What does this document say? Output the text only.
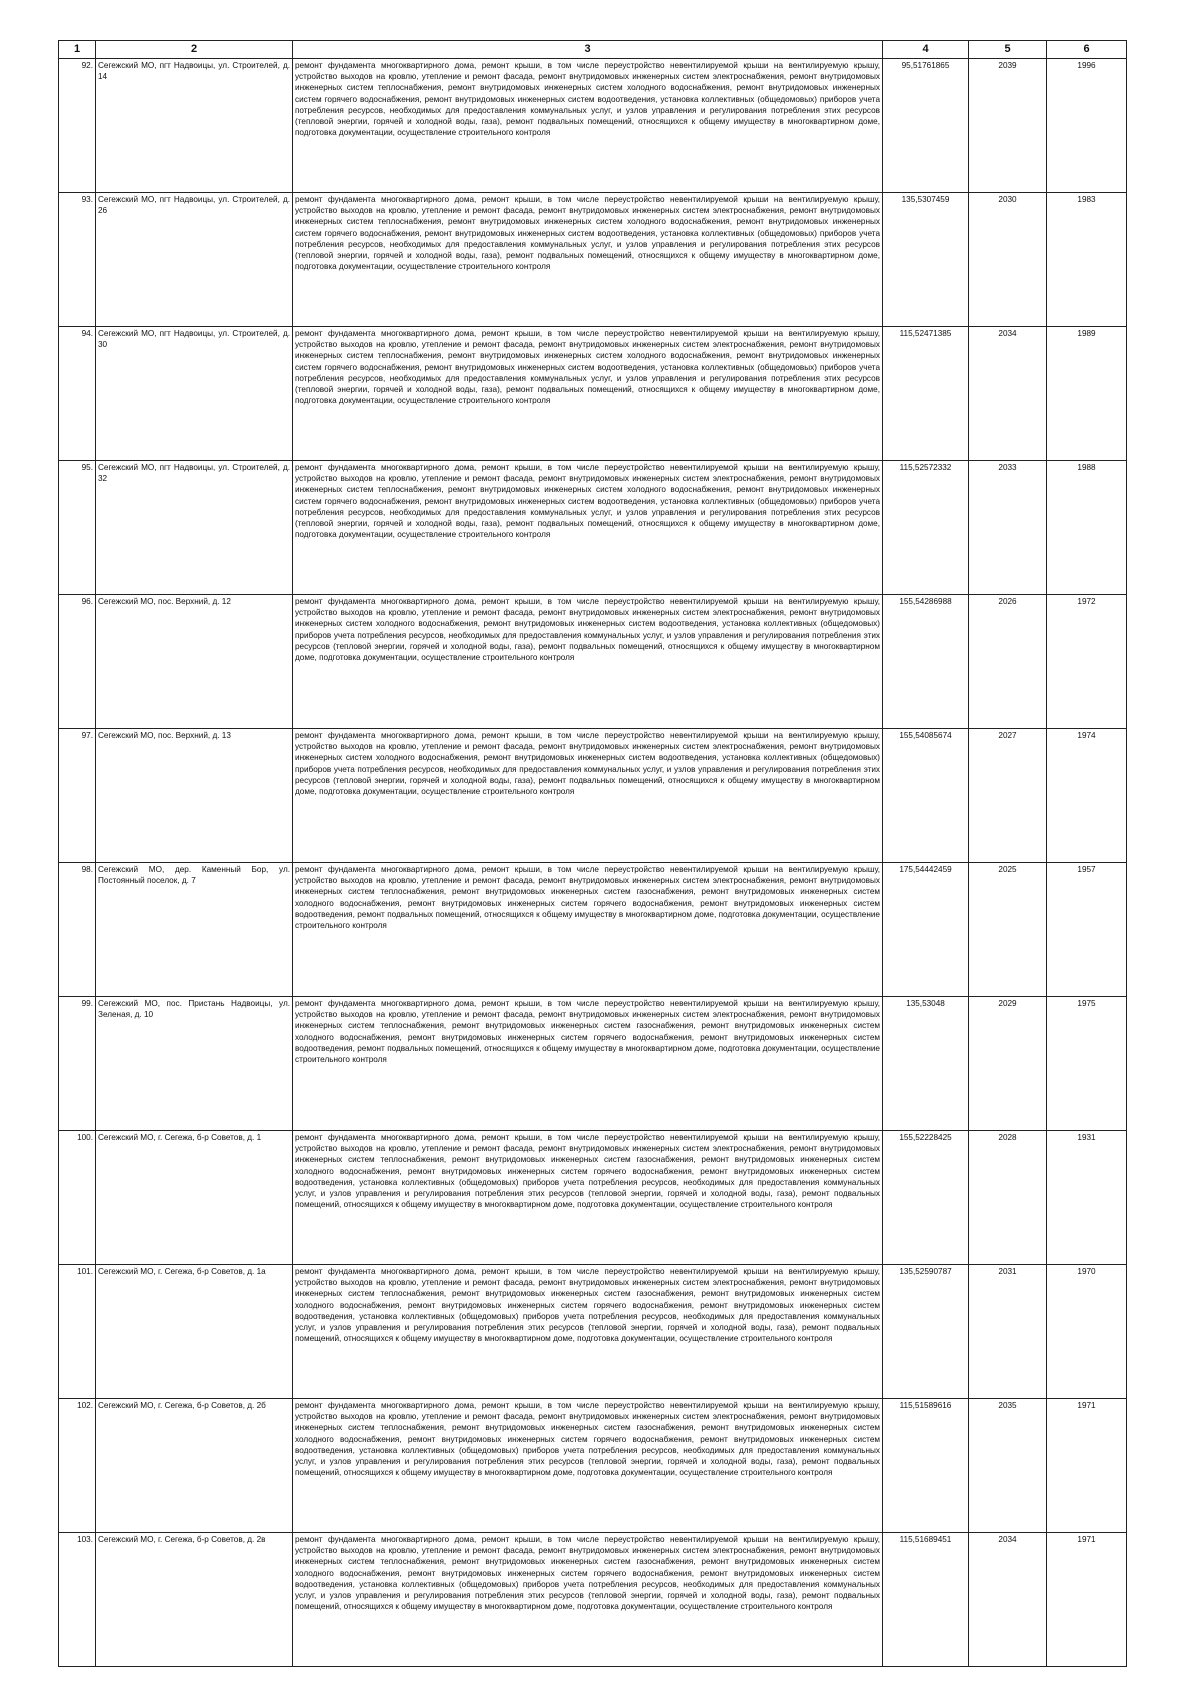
1	2	3	4	5	6
92.	Сегежский МО, пгт Надвоицы, ул. Строителей, д. 14	ремонт фундамента многоквартирного дома, ремонт крыши, в том числе переустройство невентилируемой крыши на вентилируемую крышу, устройство выходов на кровлю, утепление и ремонт фасада, ремонт внутридомовых инженерных систем электроснабжения, ремонт внутридомовых инженерных систем теплоснабжения, ремонт внутридомовых инженерных систем холодного водоснабжения, ремонт внутридомовых инженерных систем горячего водоснабжения, ремонт внутридомовых инженерных систем водоотведения, установка коллективных (общедомовых) приборов учета потребления ресурсов, необходимых для предоставления коммунальных услуг, и узлов управления и регулирования потребления этих ресурсов (тепловой энергии, горячей и холодной воды, газа), ремонт подвальных помещений, относящихся к общему имуществу в многоквартирном доме, подготовка документации, осуществление строительного контроля	95,51761865	2039	1996
93.	Сегежский МО, пгт Надвоицы, ул. Строителей, д. 26	ремонт фундамента многоквартирного дома, ремонт крыши, в том числе переустройство невентилируемой крыши на вентилируемую крышу, устройство выходов на кровлю, утепление и ремонт фасада, ремонт внутридомовых инженерных систем электроснабжения, ремонт внутридомовых инженерных систем теплоснабжения, ремонт внутридомовых инженерных систем холодного водоснабжения, ремонт внутридомовых инженерных систем горячего водоснабжения, ремонт внутридомовых инженерных систем водоотведения, установка коллективных (общедомовых) приборов учета потребления ресурсов, необходимых для предоставления коммунальных услуг, и узлов управления и регулирования потребления этих ресурсов (тепловой энергии, горячей и холодной воды, газа), ремонт подвальных помещений, относящихся к общему имуществу в многоквартирном доме, подготовка документации, осуществление строительного контроля	135,5307459	2030	1983
94.	Сегежский МО, пгт Надвоицы, ул. Строителей, д. 30	ремонт фундамента многоквартирного дома, ремонт крыши, в том числе переустройство невентилируемой крыши на вентилируемую крышу, устройство выходов на кровлю, утепление и ремонт фасада, ремонт внутридомовых инженерных систем электроснабжения, ремонт внутридомовых инженерных систем теплоснабжения, ремонт внутридомовых инженерных систем холодного водоснабжения, ремонт внутридомовых инженерных систем горячего водоснабжения, ремонт внутридомовых инженерных систем водоотведения, установка коллективных (общедомовых) приборов учета потребления ресурсов, необходимых для предоставления коммунальных услуг, и узлов управления и регулирования потребления этих ресурсов (тепловой энергии, горячей и холодной воды, газа), ремонт подвальных помещений, относящихся к общему имуществу в многоквартирном доме, подготовка документации, осуществление строительного контроля	115,52471385	2034	1989
95.	Сегежский МО, пгт Надвоицы, ул. Строителей, д. 32	ремонт фундамента многоквартирного дома, ремонт крыши, в том числе переустройство невентилируемой крыши на вентилируемую крышу, устройство выходов на кровлю, утепление и ремонт фасада, ремонт внутридомовых инженерных систем электроснабжения, ремонт внутридомовых инженерных систем теплоснабжения, ремонт внутридомовых инженерных систем холодного водоснабжения, ремонт внутридомовых инженерных систем горячего водоснабжения, ремонт внутридомовых инженерных систем водоотведения, установка коллективных (общедомовых) приборов учета потребления ресурсов, необходимых для предоставления коммунальных услуг, и узлов управления и регулирования потребления этих ресурсов (тепловой энергии, горячей и холодной воды, газа), ремонт подвальных помещений, относящихся к общему имуществу в многоквартирном доме, подготовка документации, осуществление строительного контроля	115,52572332	2033	1988
96.	Сегежский МО, пос. Верхний, д. 12	ремонт фундамента многоквартирного дома, ремонт крыши, в том числе переустройство невентилируемой крыши на вентилируемую крышу, устройство выходов на кровлю, утепление и ремонт фасада, ремонт внутридомовых инженерных систем электроснабжения, ремонт внутридомовых инженерных систем холодного водоснабжения, ремонт внутридомовых инженерных систем водоотведения, установка коллективных (общедомовых) приборов учета потребления ресурсов, необходимых для предоставления коммунальных услуг, и узлов управления и регулирования потребления этих ресурсов (тепловой энергии, горячей и холодной воды, газа), ремонт подвальных помещений, относящихся к общему имуществу в многоквартирном доме, подготовка документации, осуществление строительного контроля	155,54286988	2026	1972
97.	Сегежский МО, пос. Верхний, д. 13	ремонт фундамента многоквартирного дома, ремонт крыши, в том числе переустройство невентилируемой крыши на вентилируемую крышу, устройство выходов на кровлю, утепление и ремонт фасада, ремонт внутридомовых инженерных систем электроснабжения, ремонт внутридомовых инженерных систем холодного водоснабжения, ремонт внутридомовых инженерных систем водоотведения, установка коллективных (общедомовых) приборов учета потребления ресурсов, необходимых для предоставления коммунальных услуг, и узлов управления и регулирования потребления этих ресурсов (тепловой энергии, горячей и холодной воды, газа), ремонт подвальных помещений, относящихся к общему имуществу в многоквартирном доме, подготовка документации, осуществление строительного контроля	155,54085674	2027	1974
98.	Сегежский МО, дер. Каменный Бор, ул. Постоянный поселок, д. 7	ремонт фундамента многоквартирного дома, ремонт крыши, в том числе переустройство невентилируемой крыши на вентилируемую крышу, устройство выходов на кровлю, утепление и ремонт фасада, ремонт внутридомовых инженерных систем электроснабжения, ремонт внутридомовых инженерных систем теплоснабжения, ремонт внутридомовых инженерных систем газоснабжения, ремонт внутридомовых инженерных систем холодного водоснабжения, ремонт внутридомовых инженерных систем горячего водоснабжения, ремонт внутридомовых инженерных систем водоотведения, ремонт подвальных помещений, относящихся к общему имуществу в многоквартирном доме, подготовка документации, осуществление строительного контроля	175,54442459	2025	1957
99.	Сегежский МО, пос. Пристань Надвоицы, ул. Зеленая, д. 10	ремонт фундамента многоквартирного дома, ремонт крыши, в том числе переустройство невентилируемой крыши на вентилируемую крышу, устройство выходов на кровлю, утепление и ремонт фасада, ремонт внутридомовых инженерных систем электроснабжения, ремонт внутридомовых инженерных систем теплоснабжения, ремонт внутридомовых инженерных систем газоснабжения, ремонт внутридомовых инженерных систем холодного водоснабжения, ремонт внутридомовых инженерных систем горячего водоснабжения, ремонт внутридомовых инженерных систем водоотведения, ремонт подвальных помещений, относящихся к общему имуществу в многоквартирном доме, подготовка документации, осуществление строительного контроля	135,53048	2029	1975
100.	Сегежский МО, г. Сегежа, б-р Советов, д. 1	ремонт фундамента многоквартирного дома, ремонт крыши, в том числе переустройство невентилируемой крыши на вентилируемую крышу, устройство выходов на кровлю, утепление и ремонт фасада, ремонт внутридомовых инженерных систем электроснабжения, ремонт внутридомовых инженерных систем теплоснабжения, ремонт внутридомовых инженерных систем газоснабжения, ремонт внутридомовых инженерных систем холодного водоснабжения, ремонт внутридомовых инженерных систем горячего водоснабжения, ремонт внутридомовых инженерных систем водоотведения, установка коллективных (общедомовых) приборов учета потребления ресурсов, необходимых для предоставления коммунальных услуг, и узлов управления и регулирования потребления этих ресурсов (тепловой энергии, горячей и холодной воды, газа), ремонт подвальных помещений, относящихся к общему имуществу в многоквартирном доме, подготовка документации, осуществление строительного контроля	155,52228425	2028	1931
101.	Сегежский МО, г. Сегежа, б-р Советов, д. 1а	ремонт фундамента многоквартирного дома, ремонт крыши, в том числе переустройство невентилируемой крыши на вентилируемую крышу, устройство выходов на кровлю, утепление и ремонт фасада, ремонт внутридомовых инженерных систем электроснабжения, ремонт внутридомовых инженерных систем теплоснабжения, ремонт внутридомовых инженерных систем газоснабжения, ремонт внутридомовых инженерных систем холодного водоснабжения, ремонт внутридомовых инженерных систем горячего водоснабжения, ремонт внутридомовых инженерных систем водоотведения, установка коллективных (общедомовых) приборов учета потребления ресурсов, необходимых для предоставления коммунальных услуг, и узлов управления и регулирования потребления этих ресурсов (тепловой энергии, горячей и холодной воды, газа), ремонт подвальных помещений, относящихся к общему имуществу в многоквартирном доме, подготовка документации, осуществление строительного контроля	135,52590787	2031	1970
102.	Сегежский МО, г. Сегежа, б-р Советов, д. 2б	ремонт фундамента многоквартирного дома, ремонт крыши, в том числе переустройство невентилируемой крыши на вентилируемую крышу, устройство выходов на кровлю, утепление и ремонт фасада, ремонт внутридомовых инженерных систем электроснабжения, ремонт внутридомовых инженерных систем теплоснабжения, ремонт внутридомовых инженерных систем газоснабжения, ремонт внутридомовых инженерных систем холодного водоснабжения, ремонт внутридомовых инженерных систем горячего водоснабжения, ремонт внутридомовых инженерных систем водоотведения, установка коллективных (общедомовых) приборов учета потребления ресурсов, необходимых для предоставления коммунальных услуг, и узлов управления и регулирования потребления этих ресурсов (тепловой энергии, горячей и холодной воды, газа), ремонт подвальных помещений, относящихся к общему имуществу в многоквартирном доме, подготовка документации, осуществление строительного контроля	115,51589616	2035	1971
103.	Сегежский МО, г. Сегежа, б-р Советов, д. 2в	ремонт фундамента многоквартирного дома, ремонт крыши, в том числе переустройство невентилируемой крыши на вентилируемую крышу, устройство выходов на кровлю, утепление и ремонт фасада, ремонт внутридомовых инженерных систем электроснабжения, ремонт внутридомовых инженерных систем теплоснабжения, ремонт внутридомовых инженерных систем газоснабжения, ремонт внутридомовых инженерных систем холодного водоснабжения, ремонт внутридомовых инженерных систем горячего водоснабжения, ремонт внутридомовых инженерных систем водоотведения, установка коллективных (общедомовых) приборов учета потребления ресурсов, необходимых для предоставления коммунальных услуг, и узлов управления и регулирования потребления этих ресурсов (тепловой энергии, горячей и холодной воды, газа), ремонт подвальных помещений, относящихся к общему имуществу в многоквартирном доме, подготовка документации, осуществление строительного контроля	115,51689451	2034	1971
